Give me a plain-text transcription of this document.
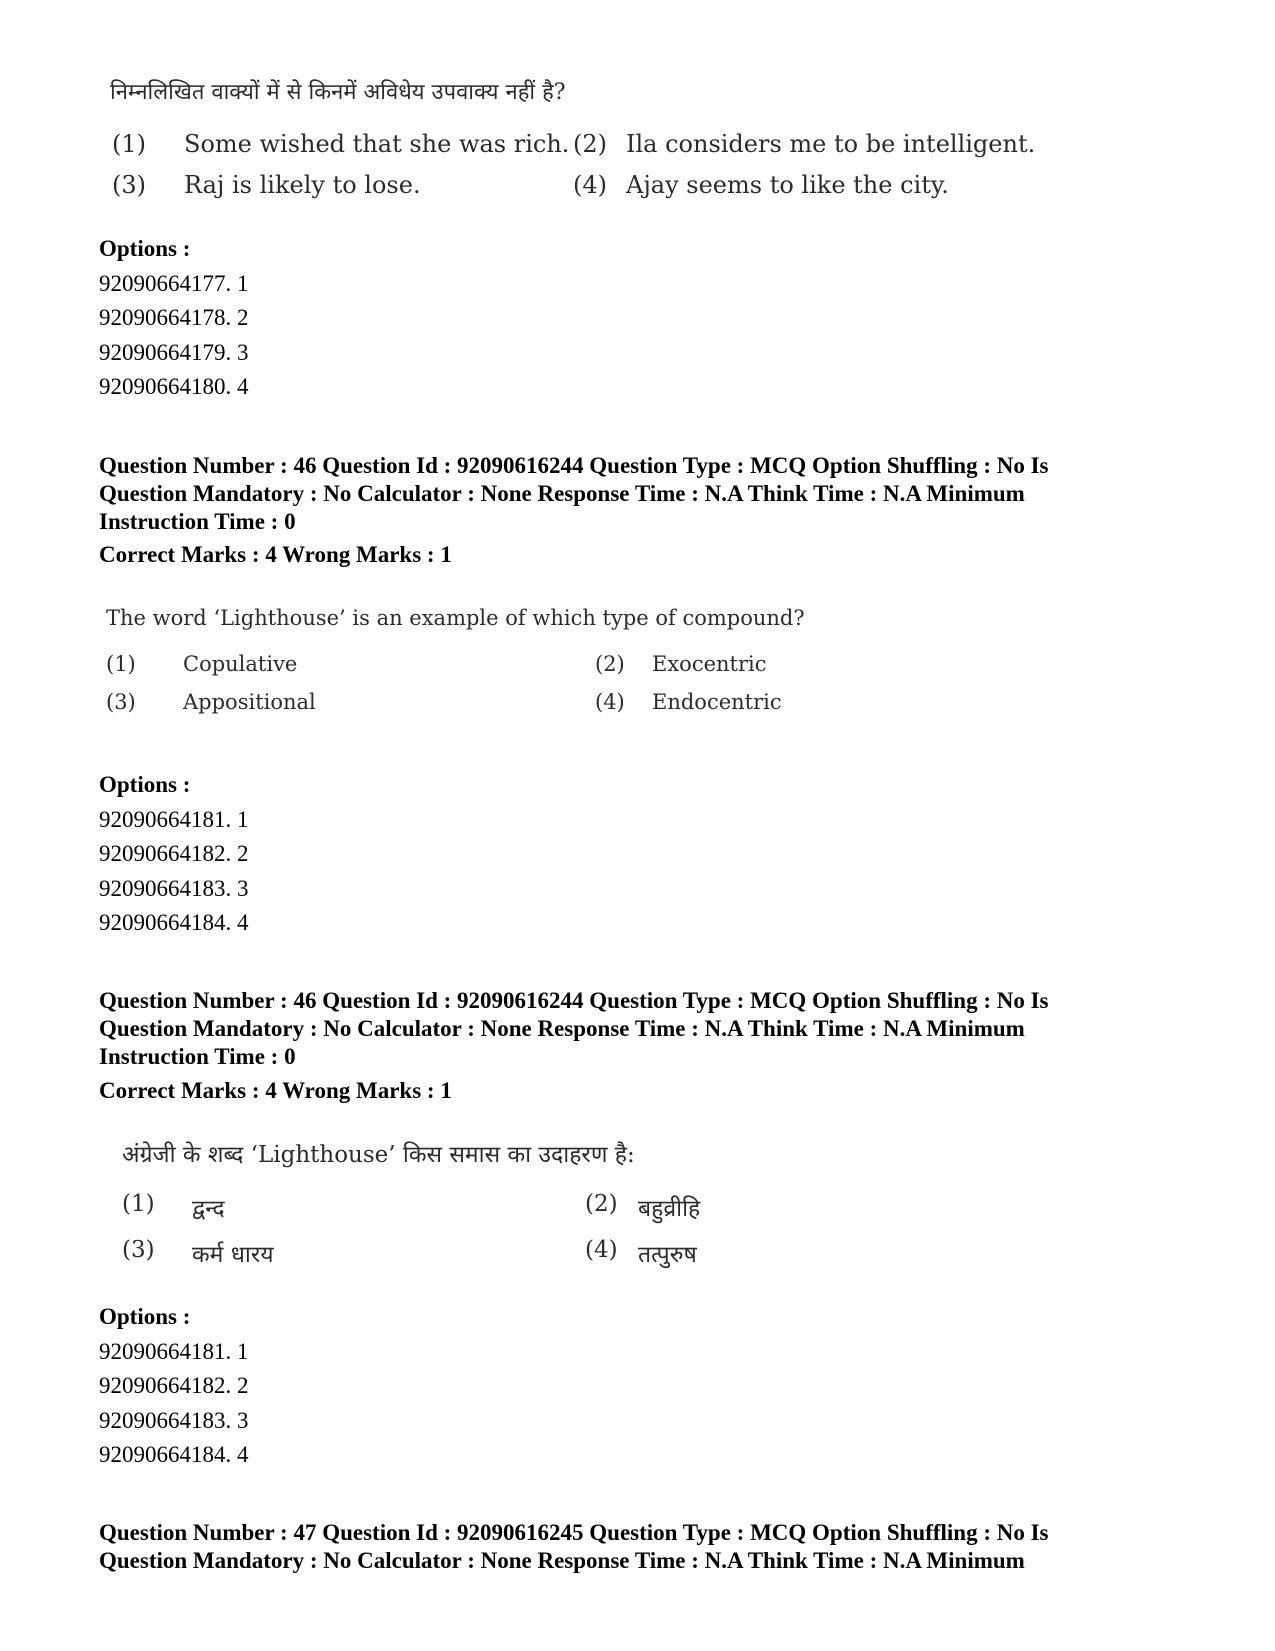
निम्नलिखित वाक्यों में से किनमें अविधेय उपवाक्य नहीं है?
(1) Some wished that she was rich. (2) Ila considers me to be intelligent.
(3) Raj is likely to lose.	(4) Ajay seems to like the city.
Options :
92090664177. 1
92090664178. 2
92090664179. 3
92090664180. 4
Question Number : 46 Question Id : 92090616244 Question Type : MCQ Option Shuffling : No Is
Question Mandatory : No Calculator : None Response Time : N.A Think Time : N.A Minimum
Instruction Time : 0
Correct Marks : 4 Wrong Marks : 1
The word ‘Lighthouse’ is an example of which type of compound?
(1) Copulative	(2) Exocentric
(3) Appositional	(4) Endocentric
Options :
92090664181. 1
92090664182. 2
92090664183. 3
92090664184. 4
Question Number : 46 Question Id : 92090616244 Question Type : MCQ Option Shuffling : No Is
Question Mandatory : No Calculator : None Response Time : N.A Think Time : N.A Minimum
Instruction Time : 0
Correct Marks : 4 Wrong Marks : 1
अंग्रेजी के शब्द ‘Lighthouse’ किस समास का उदाहरण है:
(1) द्वन्द	(2) बहुव्रीहि
(3) कर्म धारय	(4) तत्पुरुष
Options :
92090664181. 1
92090664182. 2
92090664183. 3
92090664184. 4
Question Number : 47 Question Id : 92090616245 Question Type : MCQ Option Shuffling : No Is
Question Mandatory : No Calculator : None Response Time : N.A Think Time : N.A Minimum
